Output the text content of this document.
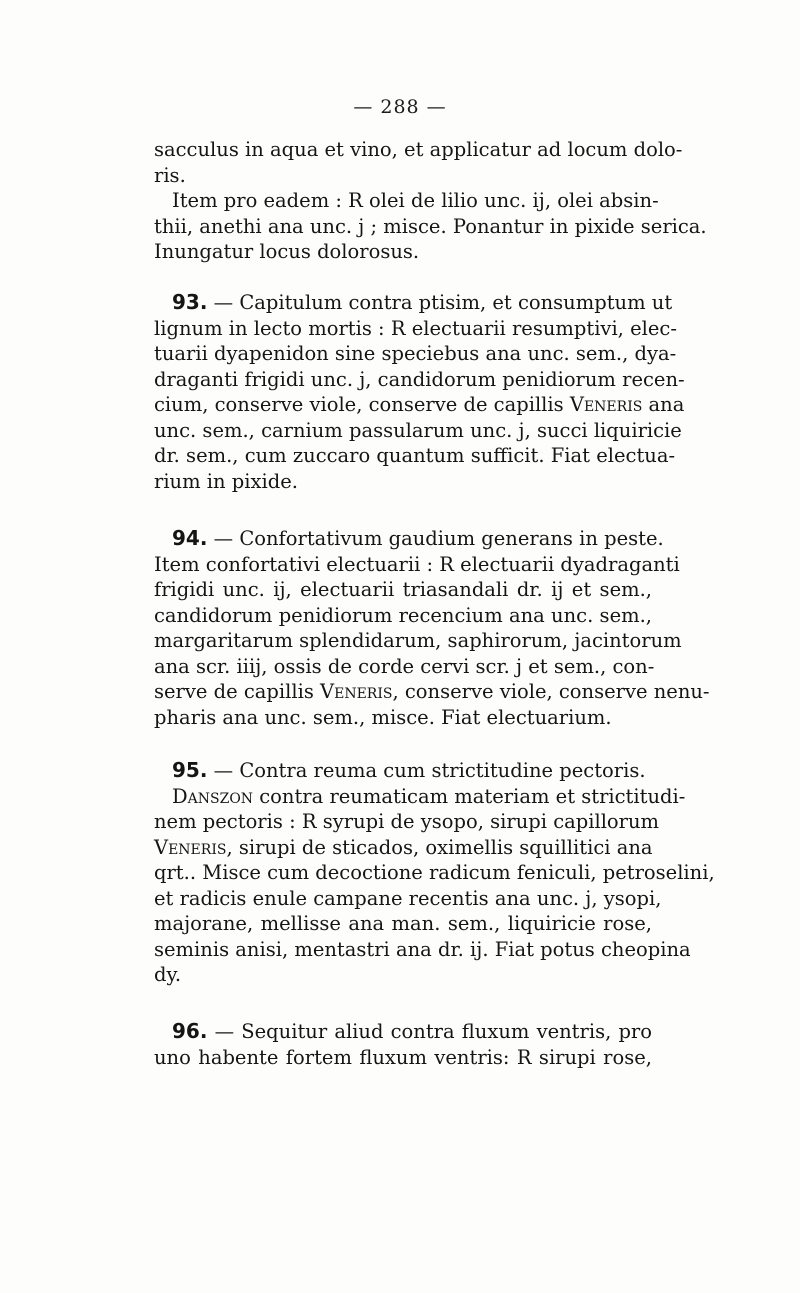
— 288 —
sacculus in aqua et vino, et applicatur ad locum dolo-
ris.
Item pro eadem : R olei de lilio unc. ij, olei absin-
thii, anethi ana unc. j ; misce. Ponantur in pixide serica.
Inungatur locus dolorosus.
93. — Capitulum contra ptisim, et consumptum ut
lignum in lecto mortis : R electuarii resumptivi, elec-
tuarii dyapenidon sine speciebus ana unc. sem., dya-
draganti frigidi unc. j, candidorum penidiorum recen-
cium, conserve viole, conserve de capillis Veneris ana
unc. sem., carnium passularum unc. j, succi liquiricie
dr. sem., cum zuccaro quantum sufficit. Fiat electua-
rium in pixide.
94. — Confortativum gaudium generans in peste.
Item confortativi electuarii : R electuarii dyadraganti
frigidi unc. ij, electuarii triasandali dr. ij et sem.,
candidorum penidiorum recencium ana unc. sem.,
margaritarum splendidarum, saphirorum, jacintorum
ana scr. iiij, ossis de corde cervi scr. j et sem., con-
serve de capillis Veneris, conserve viole, conserve nenu-
pharis ana unc. sem., misce. Fiat electuarium.
95. — Contra reuma cum strictitudine pectoris.
Danszon contra reumaticam materiam et strictitudi-
nem pectoris : R syrupi de ysopo, sirupi capillorum
Veneris, sirupi de sticados, oximellis squillitici ana
qrt.. Misce cum decoctione radicum feniculi, petroselini,
et radicis enule campane recentis ana unc. j, ysopi,
majorane, mellisse ana man. sem., liquiricie rose,
seminis anisi, mentastri ana dr. ij. Fiat potus cheopina
dy.
96. — Sequitur aliud contra fluxum ventris, pro
uno habente fortem fluxum ventris: R sirupi rose,
